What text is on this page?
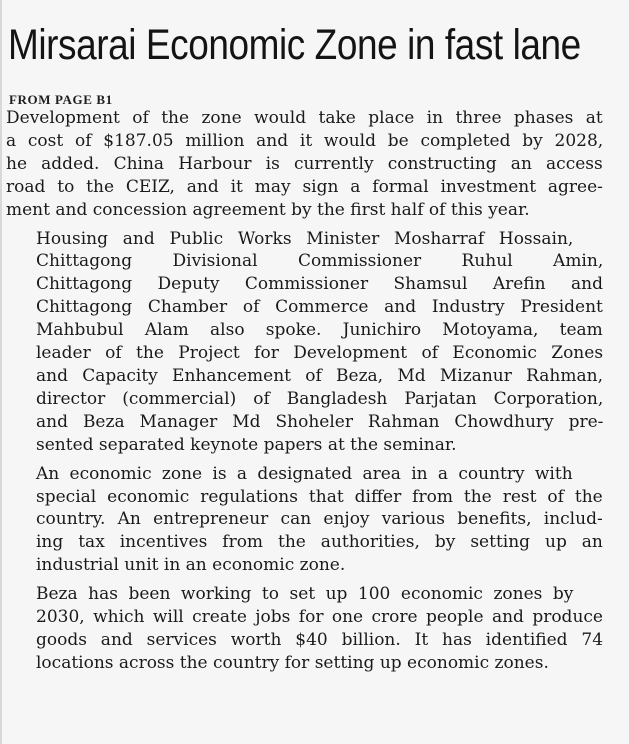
Mirsarai Economic Zone in fast lane
FROM PAGE B1
Development of the zone would take place in three phases at
a cost of $187.05 million and it would be completed by 2028,
he added. China Harbour is currently constructing an access
road to the CEIZ, and it may sign a formal investment agree-
ment and concession agreement by the first half of this year.
Housing and Public Works Minister Mosharraf Hossain,
Chittagong Divisional Commissioner Ruhul Amin,
Chittagong Deputy Commissioner Shamsul Arefin and
Chittagong Chamber of Commerce and Industry President
Mahbubul Alam also spoke. Junichiro Motoyama, team
leader of the Project for Development of Economic Zones
and Capacity Enhancement of Beza, Md Mizanur Rahman,
director (commercial) of Bangladesh Parjatan Corporation,
and Beza Manager Md Shoheler Rahman Chowdhury pre-
sented separated keynote papers at the seminar.
An economic zone is a designated area in a country with
special economic regulations that differ from the rest of the
country. An entrepreneur can enjoy various benefits, includ-
ing tax incentives from the authorities, by setting up an
industrial unit in an economic zone.
Beza has been working to set up 100 economic zones by
2030, which will create jobs for one crore people and produce
goods and services worth $40 billion. It has identified 74
locations across the country for setting up economic zones.
